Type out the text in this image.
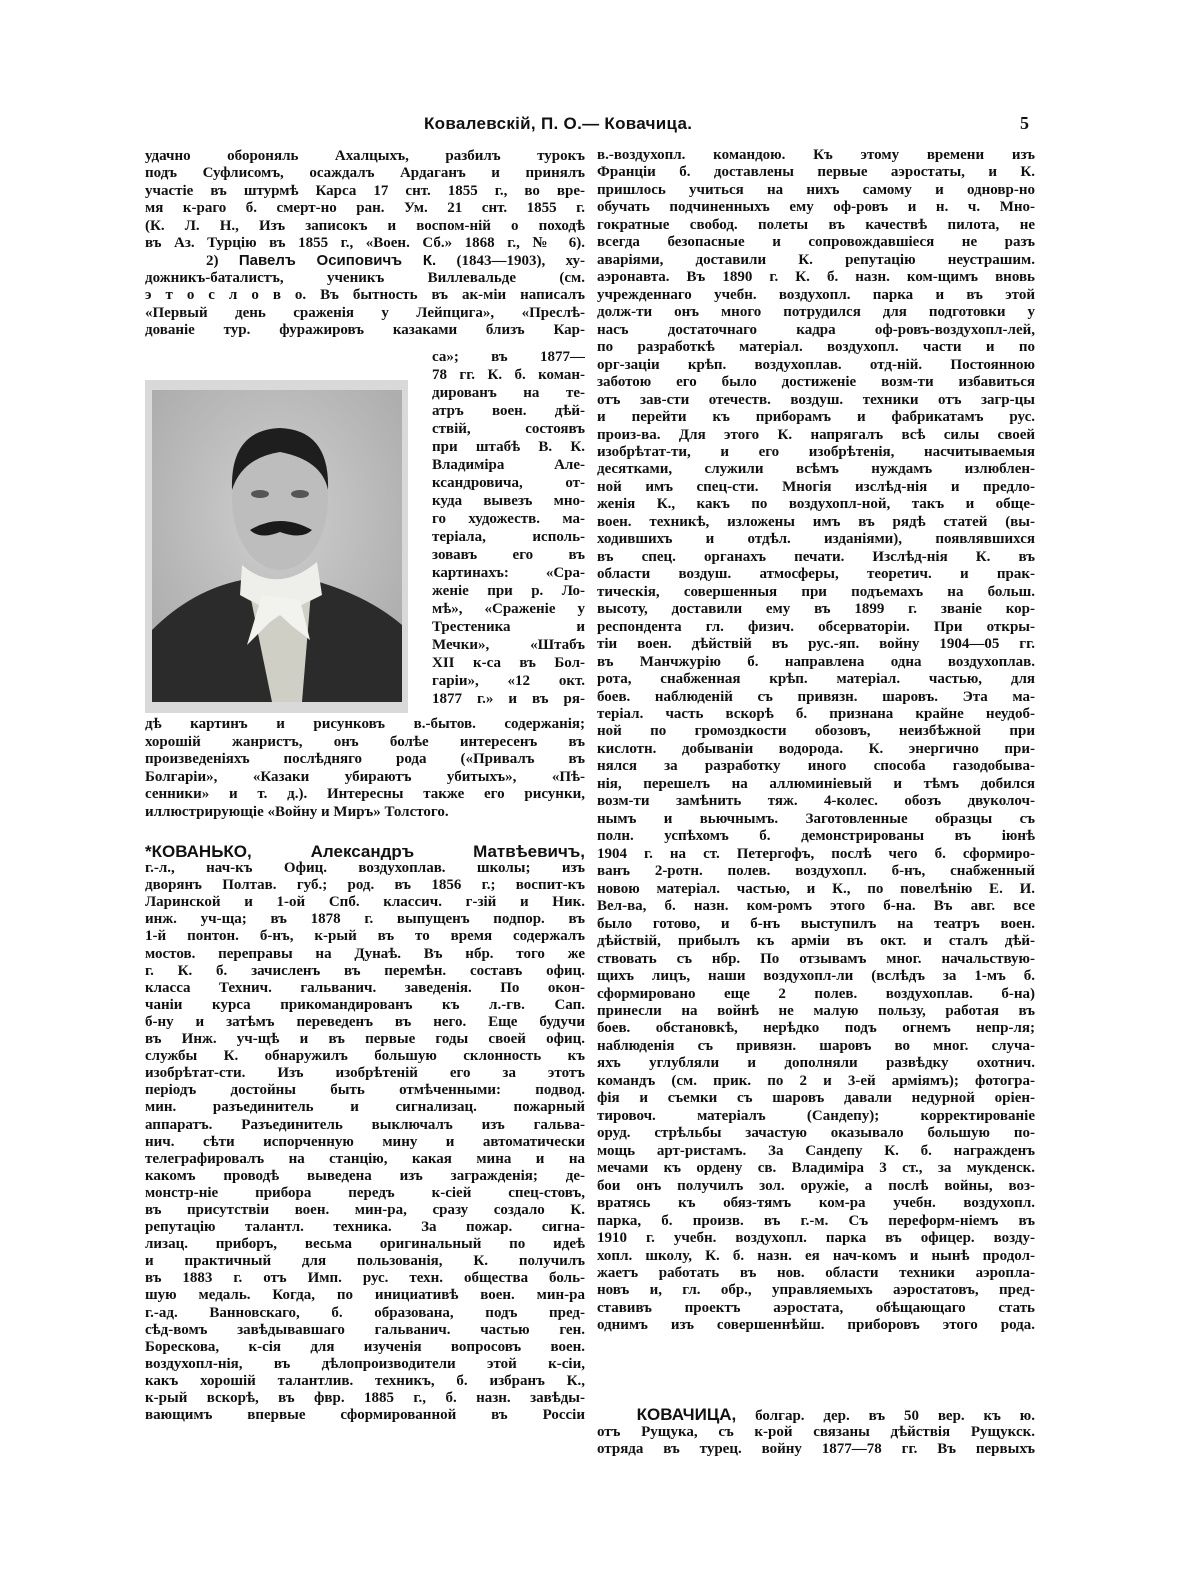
Ковалевскій, П. О.— Ковачица.	5
удачно обороняль Ахалцыхъ, разбилъ турокъ
подъ Суфлисомъ, осаждалъ Ардаганъ и принялъ
участіе въ штурмѣ Карса 17 снт. 1855 г., во вре-
мя к-раго б. смерт-но ран. Ум. 21 снт. 1855 г.
(К. Л. Н., Изъ записокъ и воспом-ній о походѣ
въ Аз. Турцію въ 1855 г., «Воен. Сб.» 1868 г., № 6).
2) Павелъ Осиповичъ К. (1843—1903), ху-
дожникъ-баталистъ, ученикъ Виллевальде (см.
э т о с л о в о. Въ бытность въ ак-міи написалъ
«Первый день сраженія у Лейпцига», «Преслѣ-
дованіе тур. фуражировъ казаками близъ Кар-
са»; въ 1877—
78 гг. К. б. коман-
дированъ на те-
атръ воен. дѣй-
ствій, состоявъ
при штабѣ В. К.
Владиміра Але-
ксандровича, от-
куда вывезъ мно-
го художеств. ма-
теріала, исполь-
зовавъ его въ
картинахъ: «Сра-
женіе при р. Ло-
мѣ», «Сраженіе у
Трестеника и
Мечки», «Штабъ
XII к-са въ Бол-
гаріи», «12 окт.
1877 г.» и въ ря-
дѣ картинъ и рисунковъ в.-бытов. содержанія;
хорошій жанристъ, онъ болѣе интересенъ въ
произведеніяхъ послѣдняго рода («Привалъ въ
Болгаріи», «Казаки убираютъ убитыхъ», «Пѣ-
сенники» и т. д.). Интересны также его рисунки,
иллюстрирующіе «Войну и Миръ» Толстого.
*КОВАНЬКО, Александръ Матвѣевичъ,
г.-л., нач-къ Офиц. воздухоплав. школы; изъ
дворянъ Полтав. губ.; род. въ 1856 г.; воспит-къ
Ларинской и 1-ой Спб. классич. г-зій и Ник.
инж. уч-ща; въ 1878 г. выпущенъ подпор. въ
1-й понтон. б-нъ, к-рый въ то время содержалъ
мостов. переправы на Дунаѣ. Въ нбр. того же
г. К. б. зачисленъ въ перемѣн. составъ офиц.
класса Технич. гальванич. заведенія. По окон-
чаніи курса прикомандированъ къ л.-гв. Сап.
б-ну и затѣмъ переведенъ въ него. Еще будучи
въ Инж. уч-щѣ и въ первые годы своей офиц.
службы К. обнаружилъ большую склонность къ
изобрѣтат-сти. Изъ изобрѣтеній его за этотъ
періодъ достойны быть отмѣченными: подвод.
мин. разъединитель и сигнализац. пожарный
аппаратъ. Разъединитель выключалъ изъ гальва-
нич. сѣти испорченную мину и автоматически
телеграфировалъ на станцію, какая мина и на
какомъ проводѣ выведена изъ загражденія; де-
монстр-ніе прибора передъ к-сіей спец-стовъ,
въ присутствіи воен. мин-ра, сразу создало К.
репутацію талантл. техника. За пожар. сигна-
лизац. приборъ, весьма оригинальный по идеѣ
и практичный для пользованія, К. получилъ
въ 1883 г. отъ Имп. рус. техн. общества боль-
шую медаль. Когда, по инициативѣ воен. мин-ра
г.-ад. Ванновскаго, б. образована, подъ пред-
сѣд-вомъ завѣдывавшаго гальванич. частью ген.
Борескова, к-сія для изученія вопросовъ воен.
воздухопл-нія, въ дѣлопроизводители этой к-сіи,
какъ хорошій талантлив. техникъ, б. избранъ К.,
к-рый вскорѣ, въ фвр. 1885 г., б. назн. завѣды-
вающимъ впервые сформированной въ Россіи
в.-воздухопл. командою. Къ этому времени изъ
Франціи б. доставлены первые аэростаты, и К.
пришлось учиться на нихъ самому и одновр-но
обучать подчиненныхъ ему оф-ровъ и н. ч. Мно-
гократные свобод. полеты въ качествѣ пилота, не
всегда безопасные и сопровождавшіеся не разъ
аваріями, доставили К. репутацію неустрашим.
аэронавта. Въ 1890 г. К. б. назн. ком-щимъ вновь
учрежденнаго учебн. воздухопл. парка и въ этой
долж-ти онъ много потрудился для подготовки у
насъ достаточнаго кадра оф-ровъ-воздухопл-лей,
по разработкѣ матеріал. воздухопл. части и по
орг-заціи крѣп. воздухоплав. отд-ній. Постоянною
заботою его было достиженіе возм-ти избавиться
отъ зав-сти отечеств. воздуш. техники отъ загр-цы
и перейти къ приборамъ и фабрикатамъ рус.
произ-ва. Для этого К. напрягалъ всѣ силы своей
изобрѣтат-ти, и его изобрѣтенія, насчитываемыя
десятками, служили всѣмъ нуждамъ излюблен-
ной имъ спец-сти. Многія изслѣд-нія и предло-
женія К., какъ по воздухопл-ной, такъ и обще-
воен. техникѣ, изложены имъ въ рядѣ статей (вы-
ходившихъ и отдѣл. изданіями), появлявшихся
въ спец. органахъ печати. Изслѣд-нія К. въ
области воздуш. атмосферы, теоретич. и прак-
тическія, совершенныя при подъемахъ на больш.
высоту, доставили ему въ 1899 г. званіе кор-
респондента гл. физич. обсерваторіи. При откры-
тіи воен. дѣйствій въ рус.-яп. войну 1904—05 гг.
въ Манчжурію б. направлена одна воздухоплав.
рота, снабженная крѣп. матеріал. частью, для
боев. наблюденій съ привязн. шаровъ. Эта ма-
теріал. часть вскорѣ б. признана крайне неудоб-
ной по громоздкости обозовъ, неизбѣжной при
кислотн. добываніи водорода. К. энергично при-
нялся за разработку иного способа газодобыва-
нія, перешелъ на аллюминіевый и тѣмъ добился
возм-ти замѣнить тяж. 4-колес. обозъ двуколоч-
нымъ и вьючнымъ. Заготовленные образцы съ
полн. успѣхомъ б. демонстрированы въ іюнѣ
1904 г. на ст. Петергофъ, послѣ чего б. сформиро-
ванъ 2-ротн. полев. воздухопл. б-нъ, снабженный
новою матеріал. частью, и К., по повелѣнію Е. И.
Вел-ва, б. назн. ком-ромъ этого б-на. Въ авг. все
было готово, и б-нъ выступилъ на театръ воен.
дѣйствій, прибылъ къ арміи въ окт. и сталъ дѣй-
ствовать съ нбр. По отзывамъ мног. начальствую-
щихъ лицъ, наши воздухопл-ли (вслѣдъ за 1-мъ б.
сформировано еще 2 полев. воздухоплав. б-на)
принесли на войнѣ не малую пользу, работая въ
боев. обстановкѣ, нерѣдко подъ огнемъ непр-ля;
наблюденія съ привязн. шаровъ во мног. случа-
яхъ углубляли и дополняли развѣдку охотнич.
командъ (см. прик. по 2 и 3-ей арміямъ); фотогра-
фія и съемки съ шаровъ давали недурной оріен-
тировоч. матеріалъ (Сандепу); корректированіе
оруд. стрѣльбы зачастую оказывало большую по-
мощь арт-ристамъ. За Сандепу К. б. награжденъ
мечами къ ордену св. Владиміра 3 ст., за мукденск.
бои онъ получилъ зол. оружіе, а послѣ войны, воз-
вратясь къ обяз-тямъ ком-ра учебн. воздухопл.
парка, б. произв. въ г.-м. Съ переформ-ніемъ въ
1910 г. учебн. воздухопл. парка въ офицер. возду-
хопл. школу, К. б. назн. ея нач-комъ и нынѣ продол-
жаетъ работать въ нов. области техники аэропла-
новъ и, гл. обр., управляемыхъ аэростатовъ, пред-
ставивъ проектъ аэростата, обѣщающаго стать
однимъ изъ совершеннѣйш. приборовъ этого рода.
КОВАЧИЦА, болгар. дер. въ 50 вер. къ ю.
отъ Рущука, съ к-рой связаны дѣйствія Рущукск.
отряда въ турец. войну 1877—78 гг. Въ первыхъ
